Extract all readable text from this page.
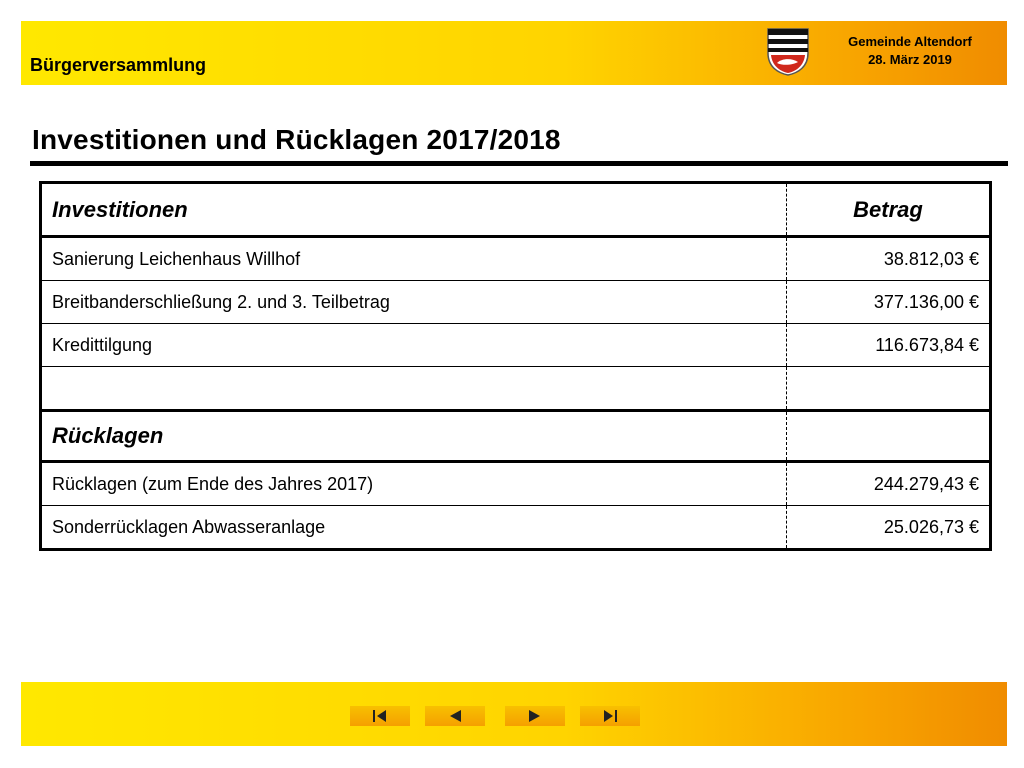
Bürgerversammlung
Gemeinde Altendorf
28. März 2019
Investitionen und Rücklagen 2017/2018
Investitionen	Betrag
Sanierung Leichenhaus Willhof	38.812,03 €
Breitbanderschließung 2. und 3. Teilbetrag	377.136,00 €
Kredittilgung	116.673,84 €

Rücklagen	
Rücklagen (zum Ende des Jahres 2017)	244.279,43 €
Sonderrücklagen Abwasseranlage	25.026,73 €
